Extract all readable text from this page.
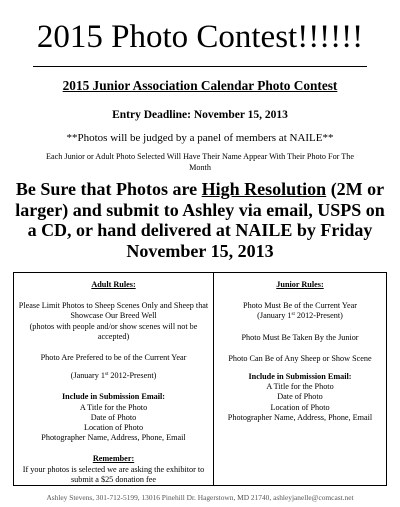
2015 Photo Contest!!!!!!
2015 Junior Association Calendar Photo Contest
Entry Deadline: November 15, 2013
**Photos will be judged by a panel of members at NAILE**
Each Junior or Adult Photo Selected Will Have Their Name Appear With Their Photo For The Month
Be Sure that Photos are High Resolution (2M or larger) and submit to Ashley via email, USPS on a CD, or hand delivered at NAILE by Friday November 15, 2013

Adult Rules:

Please Limit Photos to Sheep Scenes Only and Sheep that Showcase Our Breed Well

(photos with people and/or show scenes will not be accepted)

Photo Are Prefered to be of the Current Year

(January 1st 2012-Present)

Include in Submission Email:

A Title for the Photo

Date of Photo

Location of Photo

Photographer Name, Address, Phone, Email

Remember:

If your photos is selected we are asking the exhibitor to submit a $25 donation fee

Junior Rules:

Photo Must Be of the Current Year

(January 1st 2012-Present)

Photo Must Be Taken By the Junior

Photo Can Be of Any Sheep or Show Scene

Include in Submission Email:

A Title for the Photo

Date of Photo

Location of Photo

Photographer Name, Address, Phone, Email

Ashley Stevens, 301-712-5199, 13016 Pinehill Dr. Hagerstown, MD 21740, ashleyjanelle@comcast.net
